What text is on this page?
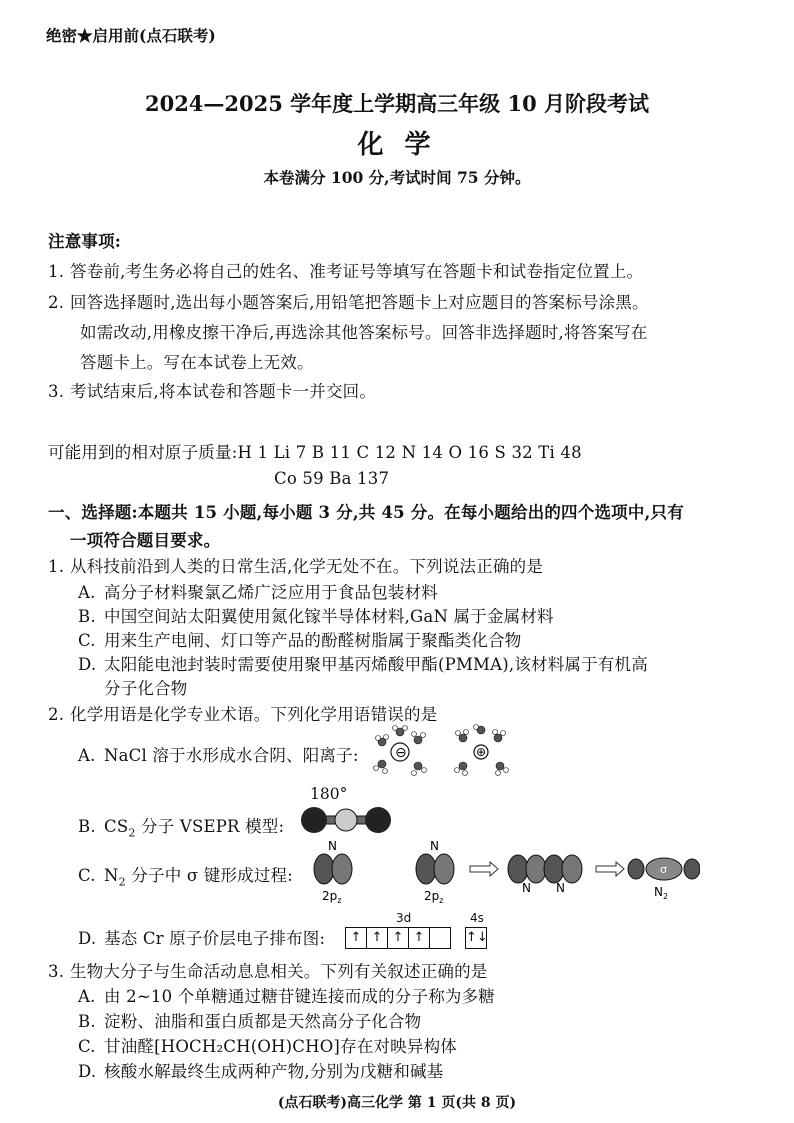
绝密★启用前(点石联考)
2024—2025 学年度上学期高三年级 10 月阶段考试
化 学
本卷满分 100 分,考试时间 75 分钟。
注意事项:
1. 答卷前,考生务必将自己的姓名、准考证号等填写在答题卡和试卷指定位置上。
2. 回答选择题时,选出每小题答案后,用铅笔把答题卡上对应题目的答案标号涂黑。
如需改动,用橡皮擦干净后,再选涂其他答案标号。回答非选择题时,将答案写在
答题卡上。写在本试卷上无效。
3. 考试结束后,将本试卷和答题卡一并交回。
可能用到的相对原子质量:H 1 Li 7 B 11 C 12 N 14 O 16 S 32 Ti 48
Co 59 Ba 137
一、选择题:本题共 15 小题,每小题 3 分,共 45 分。在每小题给出的四个选项中,只有
一项符合题目要求。
1. 从科技前沿到人类的日常生活,化学无处不在。下列说法正确的是
A. 高分子材料聚氯乙烯广泛应用于食品包装材料
B. 中国空间站太阳翼使用氮化镓半导体材料,GaN 属于金属材料
C. 用来生产电闸、灯口等产品的酚醛树脂属于聚酯类化合物
D. 太阳能电池封装时需要使用聚甲基丙烯酸甲酯(PMMA),该材料属于有机高
分子化合物
2. 化学用语是化学专业术语。下列化学用语错误的是
A. NaCl 溶于水形成水合阴、阳离子:	⊖	⊕
180°
B. $CS_2$ 分子 VSEPR 模型:
C. $N_2$ 分子中 σ 键形成过程:
N
$2p_z$
N
$2p_z$
N N
σ
$N_2$
D. 基态 Cr 原子价层电子排布图:
3d	4s
↑ ↑ ↑ ↑	↑↓
3. 生物大分子与生命活动息息相关。下列有关叙述正确的是
A. 由 2~10 个单糖通过糖苷键连接而成的分子称为多糖
B. 淀粉、油脂和蛋白质都是天然高分子化合物
C. 甘油醛[HOCH₂CH(OH)CHO]存在对映异构体
D. 核酸水解最终生成两种产物,分别为戊糖和碱基
(点石联考)高三化学 第 1 页(共 8 页)
